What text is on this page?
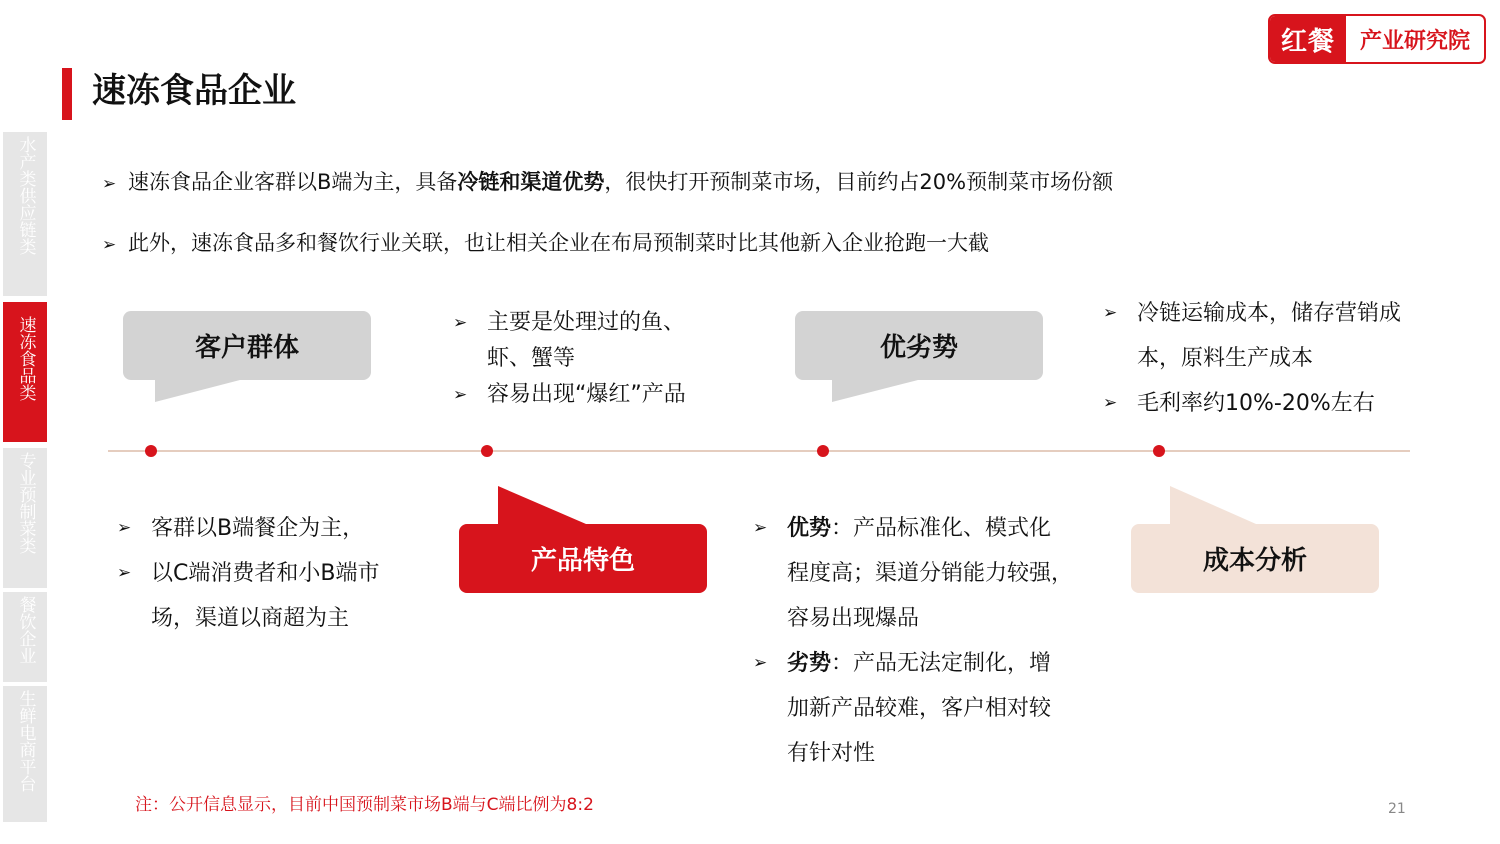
红餐	产业研究院
速冻食品企业
水产类供应链类
速冻食品类
专业预制菜类
餐饮企业
生鲜电商平台
➢ 速冻食品企业客群以B端为主，具备冷链和渠道优势，很快打开预制菜市场，目前约占20%预制菜市场份额
➢ 此外，速冻食品多和餐饮行业关联，也让相关企业在布局预制菜时比其他新入企业抢跑一大截
客户群体
产品特色
优劣势
成本分析
➢ 客群以B端餐企为主，
➢ 以C端消费者和小B端市
场，渠道以商超为主
➢ 主要是处理过的鱼、
虾、蟹等
➢ 容易出现“爆红”产品
➢ 优势：产品标准化、模式化
程度高；渠道分销能力较强，
容易出现爆品
➢ 劣势：产品无法定制化，增
加新产品较难，客户相对较
有针对性
➢ 冷链运输成本，储存营销成
本，原料生产成本
➢ 毛利率约10%-20%左右
注：公开信息显示，目前中国预制菜市场B端与C端比例为8:2	21
